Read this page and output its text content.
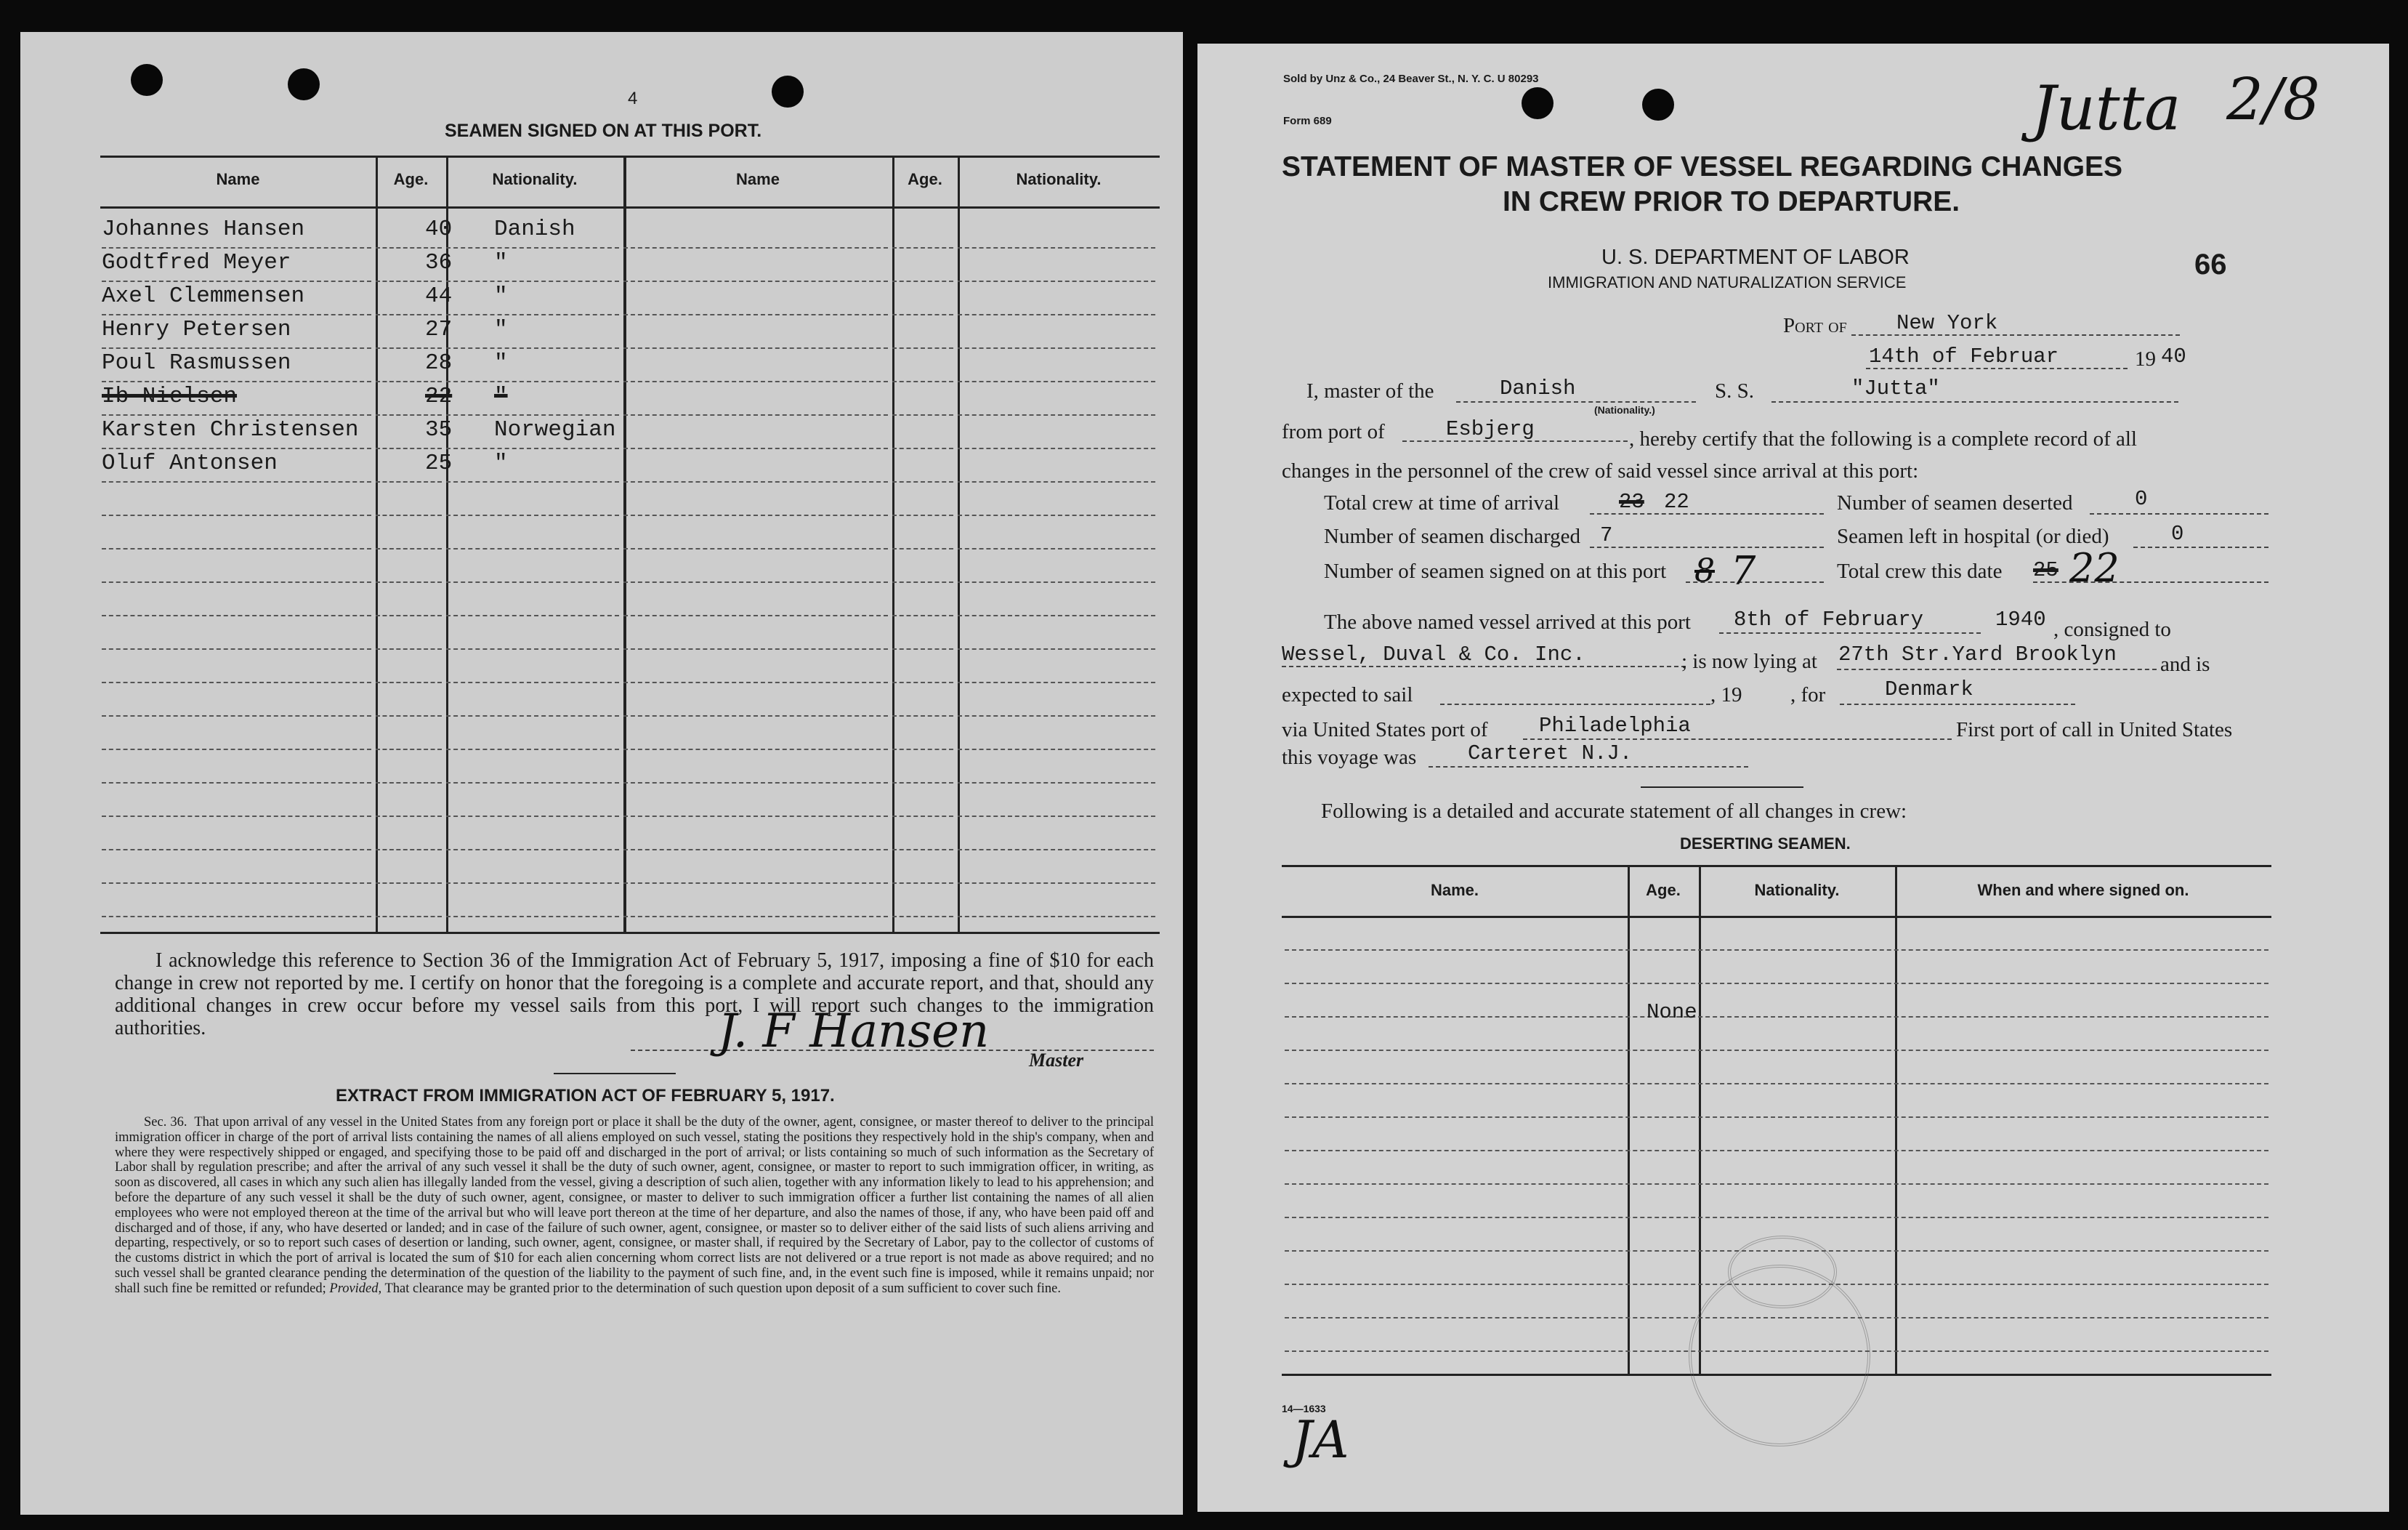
4
SEAMEN SIGNED ON AT THIS PORT.
Name	Age.	Nationality.	Name	Age.	Nationality.
Johannes Hansen	40 Danish
Godtfred Meyer	36 "
Axel Clemmensen	44 "
Henry Petersen	27 "
Poul Rasmussen	28 "
Ib Nielsen	22 "
Karsten Christensen	35 Norwegian
Oluf Antonsen	25 "
I acknowledge this reference to Section 36 of the Immigration Act of February 5, 1917, imposing a fine of $10 for each change in crew not reported by me. I certify on honor that the foregoing is a complete and accurate report, and that, should any additional changes in crew occur before my vessel sails from this port, I will report such changes to the immigration authorities.	J. F Hansen
Master
EXTRACT FROM IMMIGRATION ACT OF FEBRUARY 5, 1917.
Sec. 36. That upon arrival of any vessel in the United States from any foreign port or place it shall be the duty of the owner, agent, consignee, or master thereof to deliver to the principal immigration officer in charge of the port of arrival lists containing the names of all aliens employed on such vessel, stating the positions they respectively hold in the ship's company, when and where they were respectively shipped or engaged, and specifying those to be paid off and discharged in the port of arrival; or lists containing so much of such information as the Secretary of Labor shall by regulation prescribe; and after the arrival of any such vessel it shall be the duty of such owner, agent, consignee, or master to report to such immigration officer, in writing, as soon as discovered, all cases in which any such alien has illegally landed from the vessel, giving a description of such alien, together with any information likely to lead to his apprehension; and before the departure of any such vessel it shall be the duty of such owner, agent, consignee, or master to deliver to such immigration officer a further list containing the names of all alien employees who were not employed thereon at the time of the arrival but who will leave port thereon at the time of her departure, and also the names of those, if any, who have been paid off and discharged and of those, if any, who have deserted or landed; and in case of the failure of such owner, agent, consignee, or master so to deliver either of the said lists of such aliens arriving and departing, respectively, or so to report such cases of desertion or landing, such owner, agent, consignee, or master shall, if required by the Secretary of Labor, pay to the collector of customs of the customs district in which the port of arrival is located the sum of $10 for each alien concerning whom correct lists are not delivered or a true report is not made as above required; and no such vessel shall be granted clearance pending the determination of the question of the liability to the payment of such fine, and, in the event such fine is imposed, while it remains unpaid; nor shall such fine be remitted or refunded; Provided, That clearance may be granted prior to the determination of such question upon deposit of a sum sufficient to cover such fine.
Sold by Unz & Co., 24 Beaver St., N. Y. C. U 80293
Form 689	Jutta 2/8
STATEMENT OF MASTER OF VESSEL REGARDING CHANGES
IN CREW PRIOR TO DEPARTURE.
U. S. DEPARTMENT OF LABOR
IMMIGRATION AND NATURALIZATION SERVICE
66
Port of New York
14th of Februar	19 40
I, master of the	Danish
(Nationality.)
S. S.	"Jutta"
from port of	Esbjerg	, hereby certify that the following is a complete record of all
changes in the personnel of the crew of said vessel since arrival at this port:
Total crew at time of arrival	23 22	Number of seamen deserted	0
Number of seamen discharged 7	Seamen left in hospital (or died)	0
Number of seamen signed on at this port 8 7	Total crew this date 25 22
The above named vessel arrived at this port 8th of February	1940 , consigned to
Wessel, Duval & Co. Inc.	; is now lying at 27th Str.Yard Brooklyn and is
expected to sail	, 19 , for	Denmark
via United States port of Philadelphia	First port of call in United States
this voyage was Carteret N.J.
Following is a detailed and accurate statement of all changes in crew:
DESERTING SEAMEN.
Name.	Age.	Nationality.	When and where signed on.
None
14—1633
JA
